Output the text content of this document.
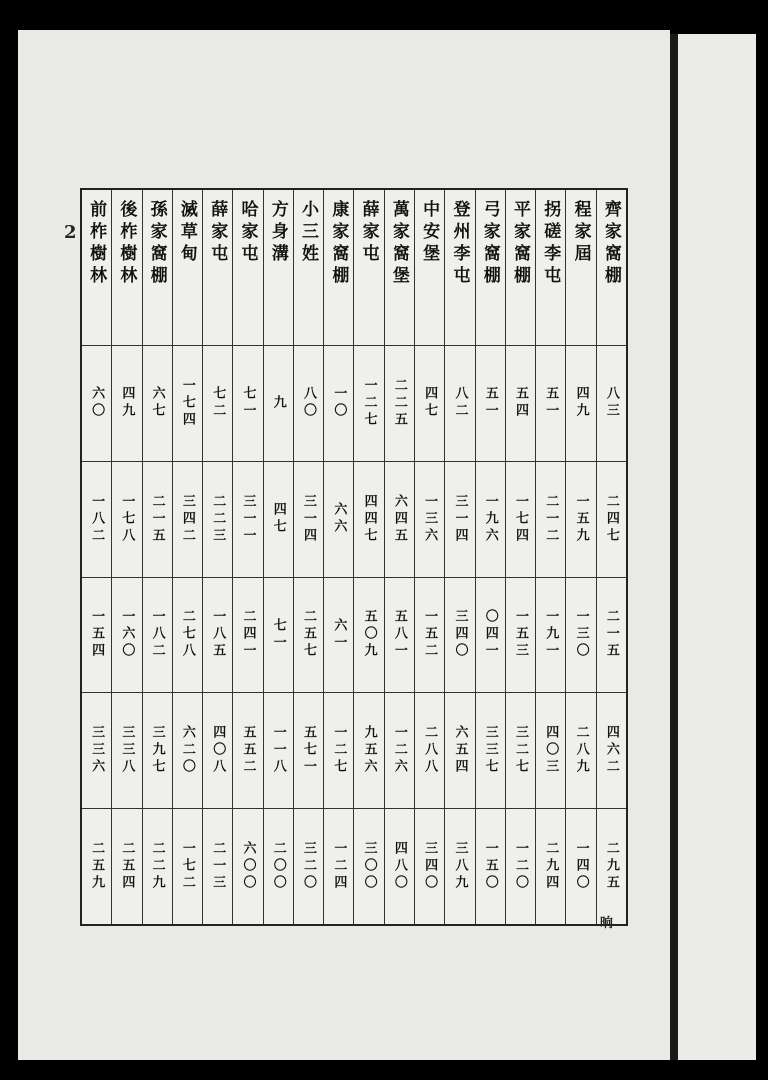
2	齊家窩棚
八三
二四七
二一五
四六二
二九五
程家屆
四九
一五九
一三〇
二八九
一四〇
拐磋李屯
五一
二一二
一九一
四〇三
二九四
平家窩棚
五四
一七四
一五三
三二七
一二〇
弓家窩棚
五一
一九六
〇四一
三三七
一五〇
登州李屯
八二
三一四
三四〇
六五四
三八九
中安堡
四七
一三六
一五二
二八八
三四〇
萬家窩堡
二二五
六四五
五八一
一二六
四八〇
薛家屯
一二七
四四七
五〇九
九五六
三〇〇
康家窩棚
一〇
六六
六一
一二七
一二四
小三姓
八〇
三一四
二五七
五七一
三二〇
方身溝
九
四七
七一
一一八
二〇〇
哈家屯
七一
三一一
二四一
五五二
六〇〇
薛家屯
七二
二二三
一八五
四〇八
二一三
滅草甸
一七四
三四二
二七八
六二〇
一七二
孫家窩棚
六七
二一五
一八二
三九七
二二九
後柞樹林
四九
一七八
一六〇
三三八
二五四
前柞樹林
六〇
一八二
一五四
三三六
二五九
晌
